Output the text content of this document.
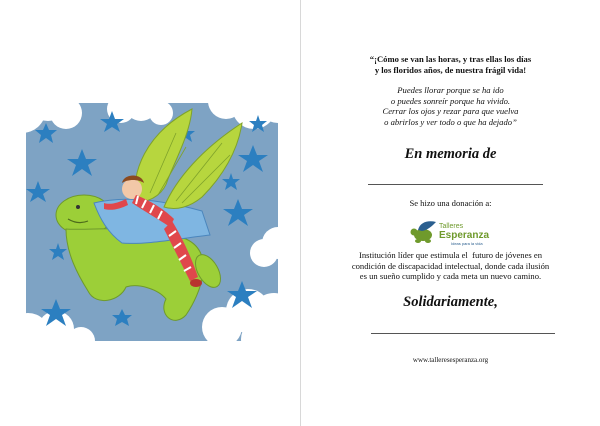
“¡Cómo se van las horas, y tras ellas los días
y los floridos años, de nuestra frágil vida!
Puedes llorar porque se ha ido
o puedes sonreír porque ha vivido.
Cerrar los ojos y rezar para que vuelva
o abrirlos y ver todo o que ha dejado”
En memoria de
Se hizo una donación a:
Talleres
Esperanza
Ideas para la vida
Institución líder que estimula el  futuro de jóvenes en
condición de discapacidad intelectual, donde cada ilusión
es un sueño cumplido y cada meta un nuevo camino.
Solidariamente,
www.talleresesperanza.org
